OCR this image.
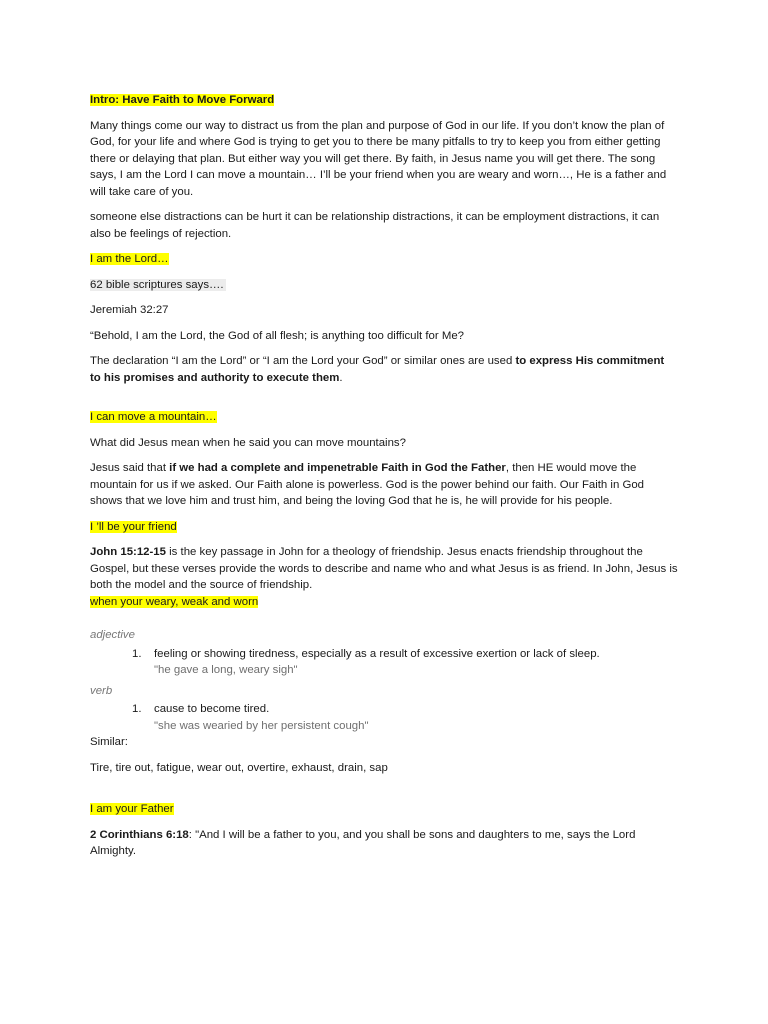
Intro: Have Faith to Move Forward

Many things come our way to distract us from the plan and purpose of God in our life. If you don’t know the plan of God, for your life and where God is trying to get you to there be many pitfalls to try to keep you from either getting there or delaying that plan. But either way you will get there. By faith, in Jesus name you will get there. The song says, I am the Lord I can move a mountain… I’ll be your friend when you are weary and worn…, He is a father and will take care of you.

someone else distractions can be hurt it can be relationship distractions, it can be employment distractions, it can also be feelings of rejection.

I am the Lord…

62 bible scriptures says….

Jeremiah 32:27

“Behold, I am the Lord, the God of all flesh; is anything too difficult for Me?

The declaration “I am the Lord” or “I am the Lord your God” or similar ones are used to express His commitment to his promises and authority to execute them.

I can move a mountain…

What did Jesus mean when he said you can move mountains?

Jesus said that if we had a complete and impenetrable Faith in God the Father, then HE would move the mountain for us if we asked. Our Faith alone is powerless. God is the power behind our faith. Our Faith in God shows that we love him and trust him, and being the loving God that he is, he will provide for his people.

I ’ll be your friend

John 15:12-15 is the key passage in John for a theology of friendship. Jesus enacts friendship throughout the Gospel, but these verses provide the words to describe and name who and what Jesus is as friend. In John, Jesus is both the model and the source of friendship.

when your weary, weak and worn

adjective

1. feeling or showing tiredness, especially as a result of excessive exertion or lack of sleep.
"he gave a long, weary sigh"

verb

1. cause to become tired.
"she was wearied by her persistent cough"

Similar:

Tire, tire out, fatigue, wear out, overtire, exhaust, drain, sap

I am your Father

2 Corinthians 6:18: "And I will be a father to you, and you shall be sons and daughters to me, says the Lord Almighty.
